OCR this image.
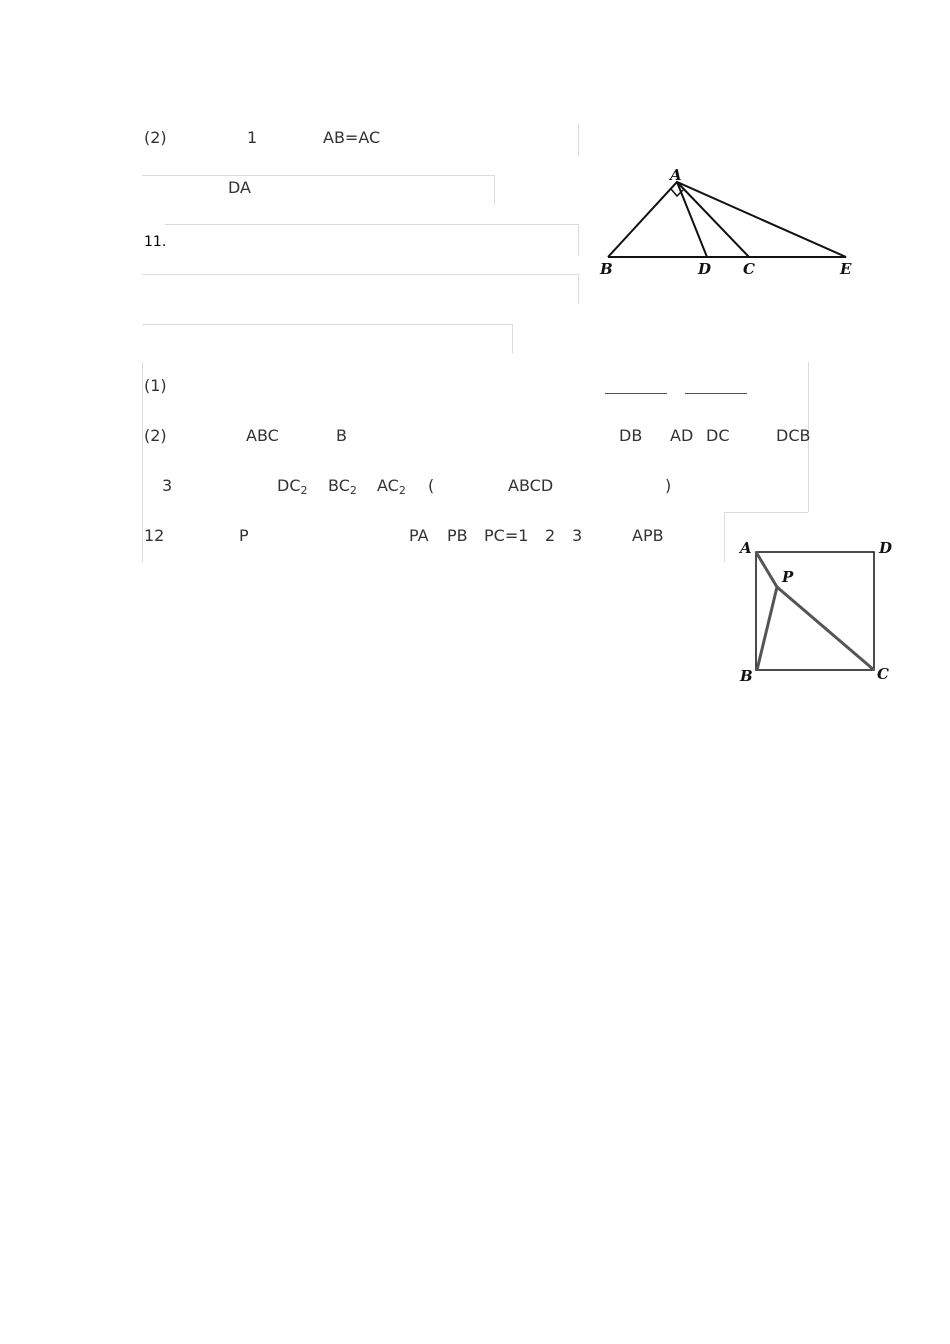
(2)	1	AB=AC
DA
11.
(1)
(2)	ABC	B	DB AD DC	DCB
3	$DC_2$ $BC_2$ $AC_2$ (	ABCD	)
12	P	PA PB PC=1 2 3	APB
A
B	D C	E
A	D
P
B	C
